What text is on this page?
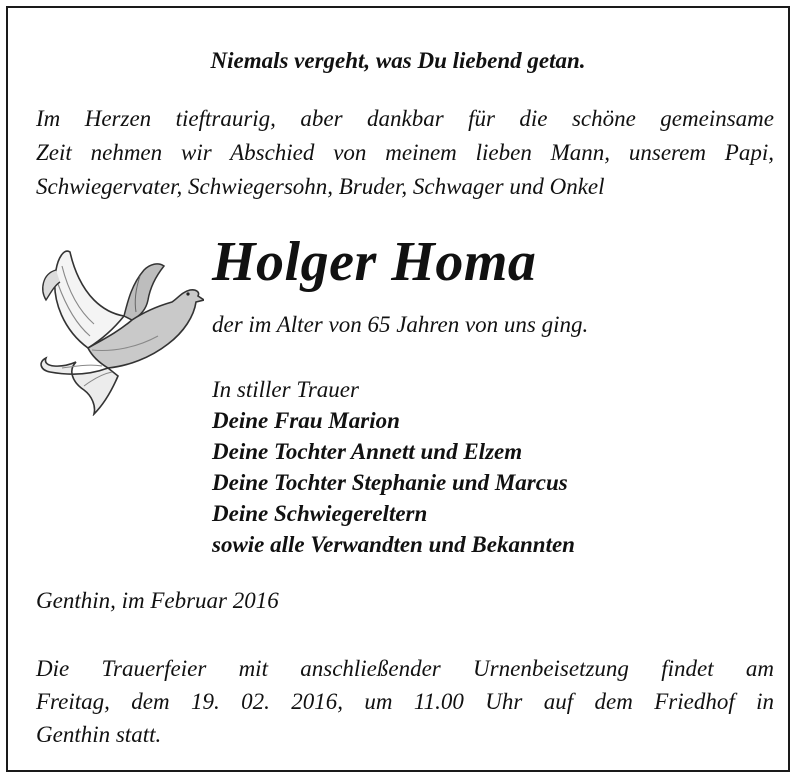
Niemals vergeht, was Du liebend getan.
Im Herzen tieftraurig, aber dankbar für die schöne gemeinsame
Zeit nehmen wir Abschied von meinem lieben Mann, unserem Papi,
Schwiegervater, Schwiegersohn, Bruder, Schwager und Onkel
Holger Homa
der im Alter von 65 Jahren von uns ging.
In stiller Trauer
Deine Frau Marion
Deine Tochter Annett und Elzem
Deine Tochter Stephanie und Marcus
Deine Schwiegereltern
sowie alle Verwandten und Bekannten
Genthin, im Februar 2016
Die Trauerfeier mit anschließender Urnenbeisetzung findet am
Freitag, dem 19. 02. 2016, um 11.00 Uhr auf dem Friedhof in
Genthin statt.
